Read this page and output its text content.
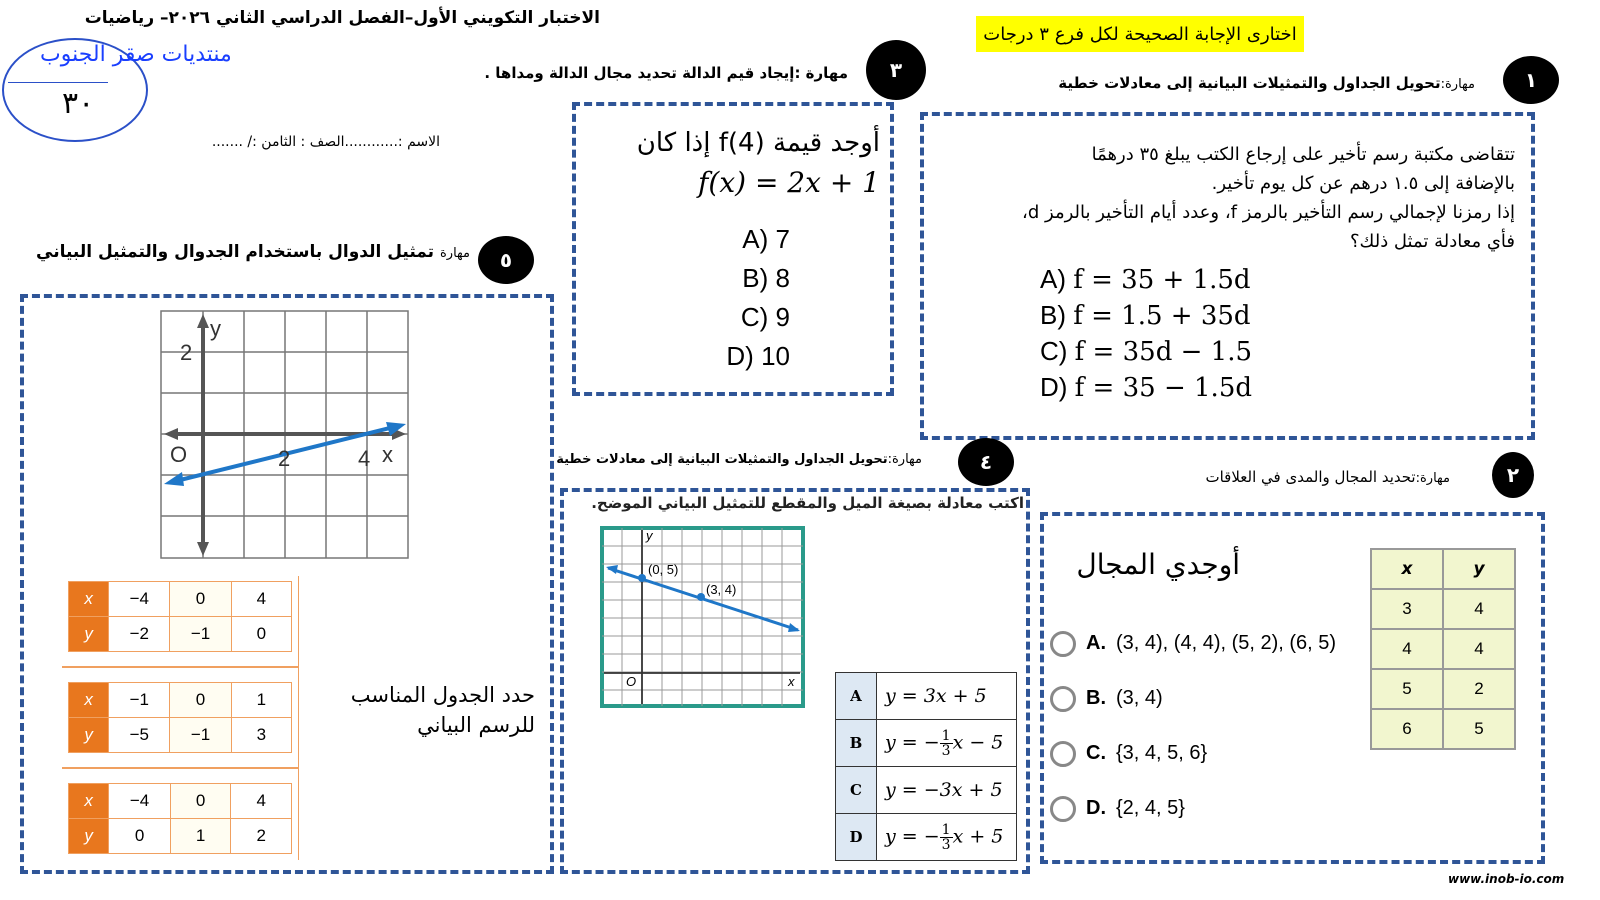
الاختبار التكويني الأول–الفصل الدراسي الثاني ٢٠٢٦– رياضيات
منتديات صقر الجنوب
٣٠
الاسم :............الصف : الثامن :/ .......
اختارى الإجابة الصحيحة لكل فرع ٣ درجات
١
مهارة:تحويل الجداول والتمثيلات البيانية إلى معادلات خطية
تتقاضى مكتبة رسم تأخير على إرجاع الكتب يبلغ ٣٥ درهمًا
بالإضافة إلى ١.٥ درهم عن كل يوم تأخير.
إذا رمزنا لإجمالي رسم التأخير بالرمز f، وعدد أيام التأخير بالرمز d،
فأي معادلة تمثل ذلك؟
A) f = 35 + 1.5d
B) f = 1.5 + 35d
C) f = 35d − 1.5
D) f = 35 − 1.5d
٣
مهارة :إيجاد قيم الدالة تحديد مجال الدالة ومداها .
أوجد قيمة f(4) إذا كان
f(x) = 2x + 1
A) 7
B) 8
C) 9
D) 10
٥
مهارة تمثيل الدوال باستخدام الجدوال والتمثيل البياني
y
2
O	2	4 x
x	−4	0	4
y	−2	−1	0
x	−1	0	1
y	−5	−1	3
x	−4	0	4
y	0	1	2
حدد الجدول المناسب
للرسم البياني
٤
مهارة:تحويل الجداول والتمثيلات البيانية إلى معادلات خطية
اكتب معادلة بصيغة الميل والمقطع للتمثيل البياني الموضح.
y
(0, 5)
(3, 4)
O	x
A	y = 3x + 5
B	y = − $\frac{1}{3}$ x − 5
C	y = −3x + 5
D	y = − $\frac{1}{3}$ x + 5
٢
مهارة:تحديد المجال والمدى في العلاقات
أوجدي المجال
A. (3, 4), (4, 4), (5, 2), (6, 5)
B. (3, 4)
C. {3, 4, 5, 6}
D. {2, 4, 5}
x	y
3	4
4	4
5	2
6	5
www.inob-io.com
